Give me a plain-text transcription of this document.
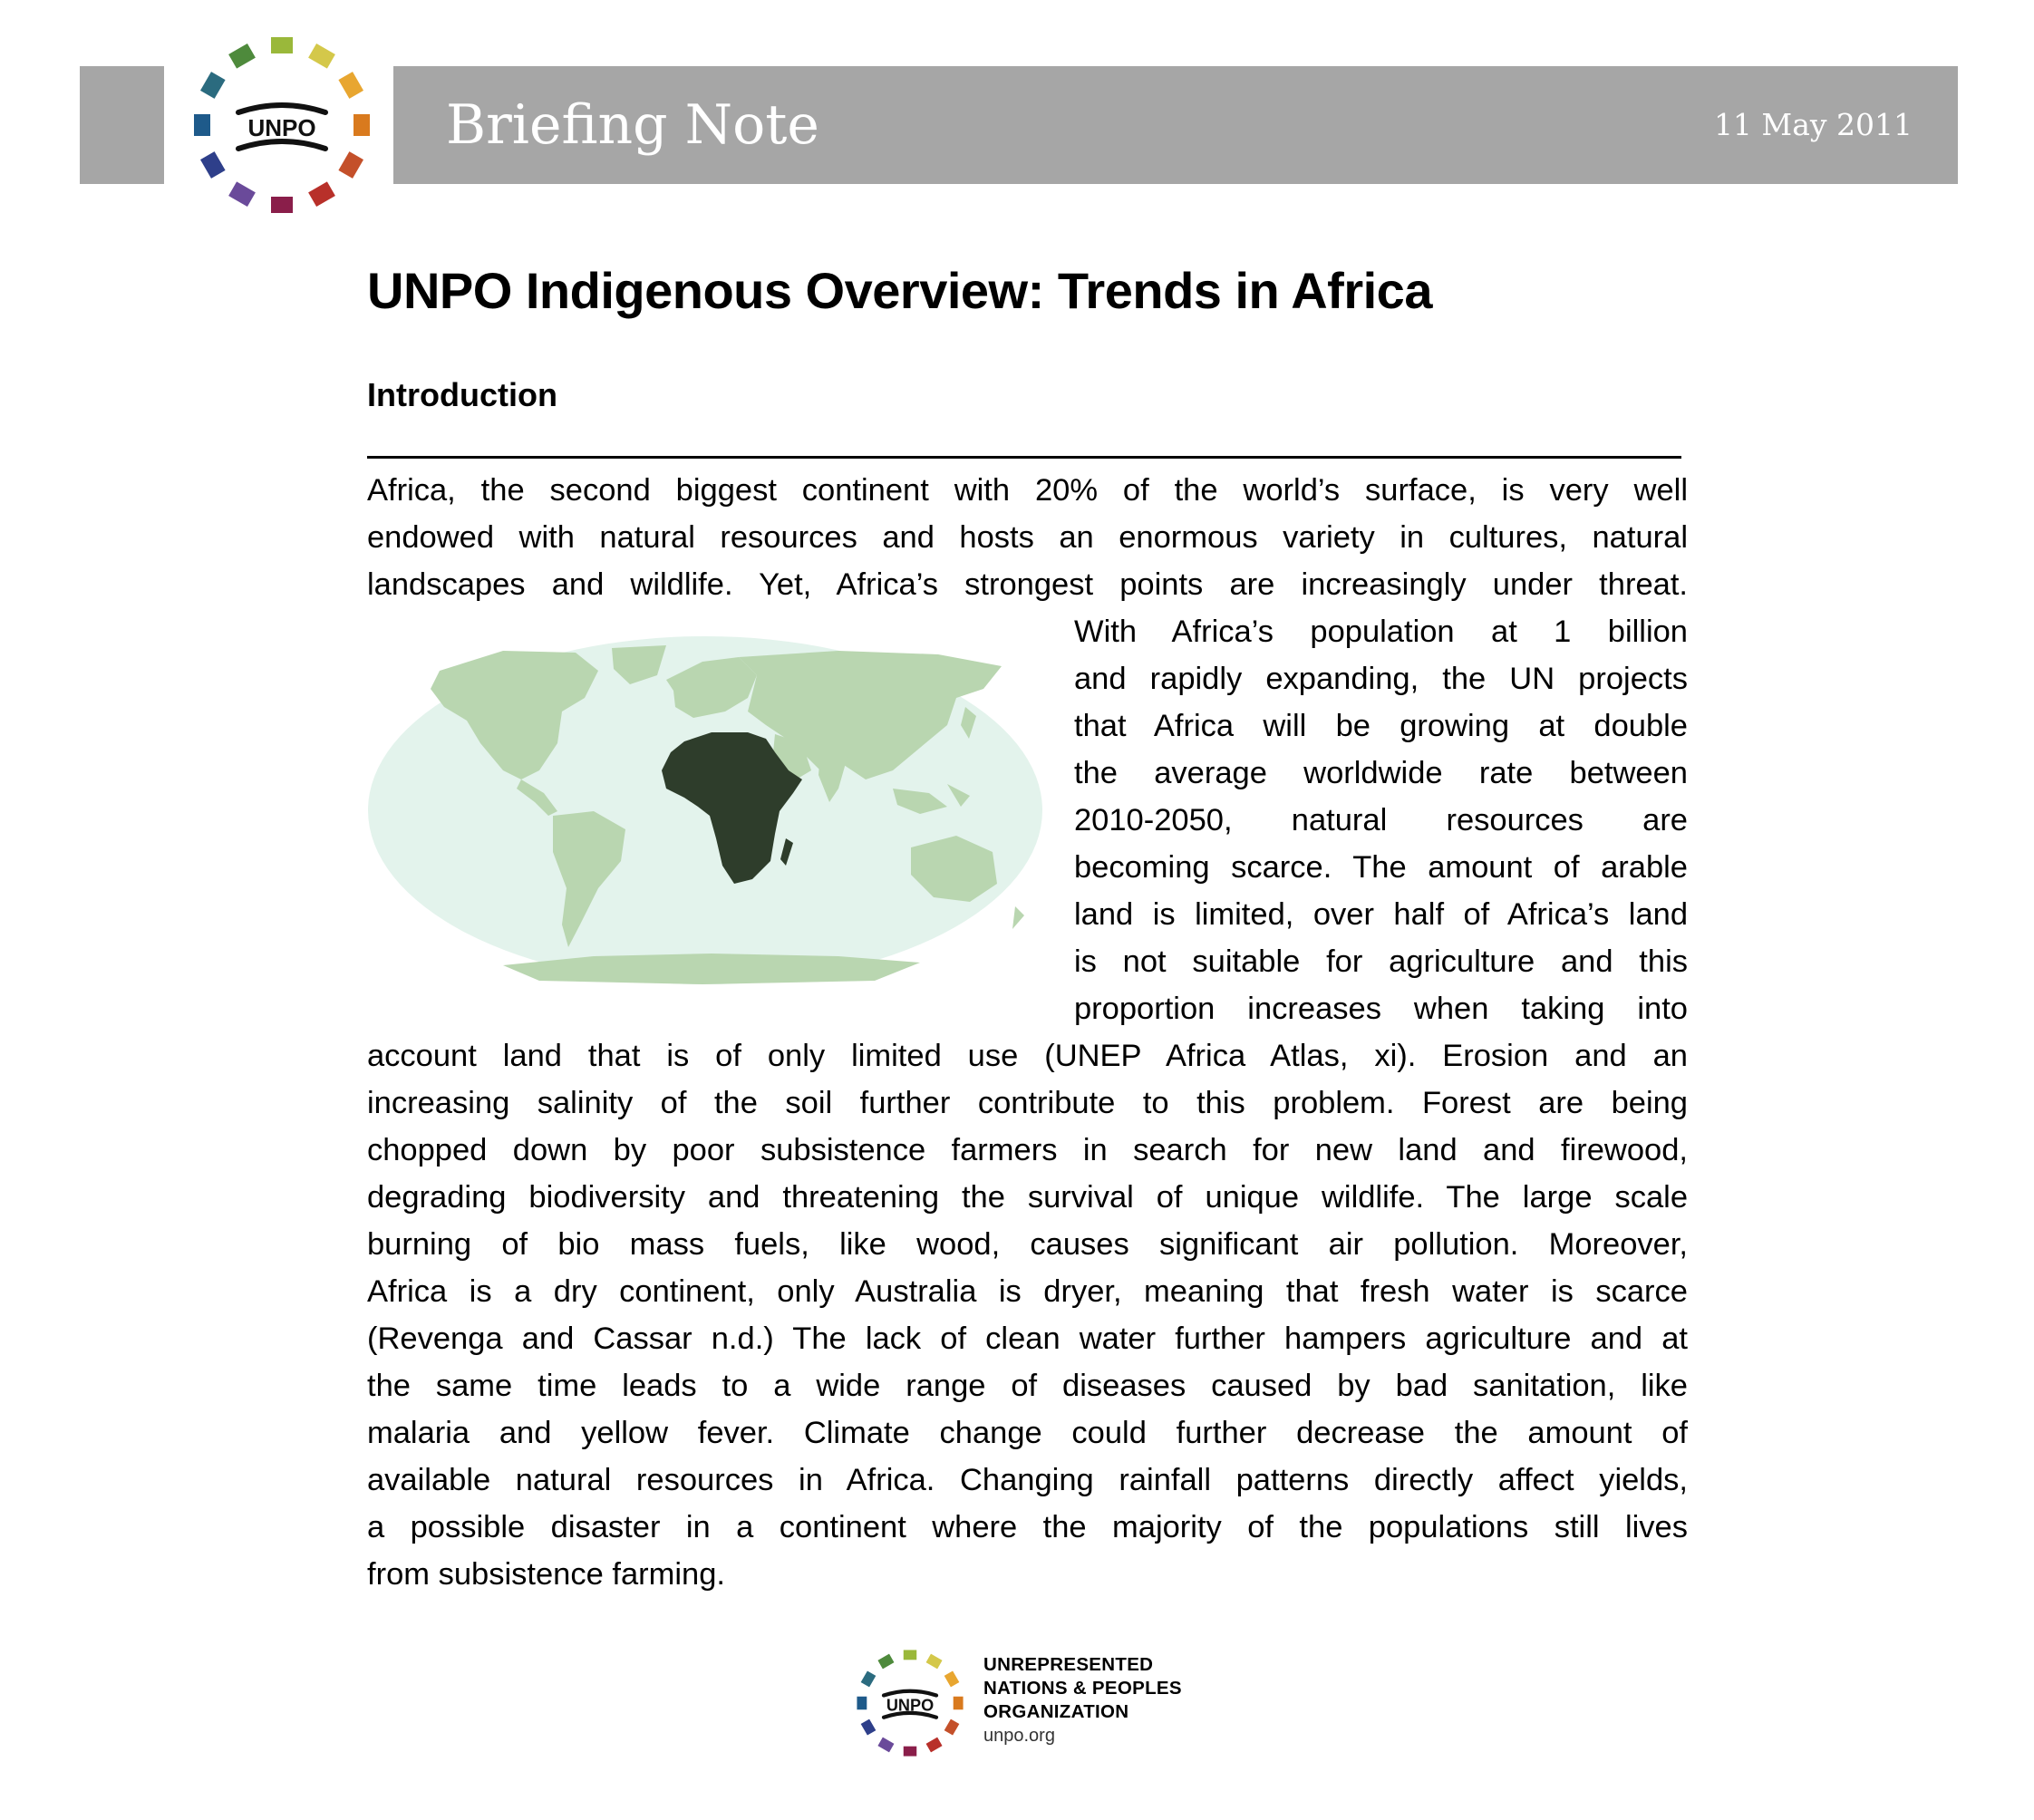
Briefing Note	11 May 2011
UNPO
UNPO Indigenous Overview: Trends in Africa
Introduction
Africa, the second biggest continent with 20% of the world’s surface, is very well
endowed with natural resources and hosts an enormous variety in cultures, natural
landscapes and wildlife. Yet, Africa’s strongest points are increasingly under threat.
With Africa’s population at 1 billion
and rapidly expanding, the UN projects
that Africa will be growing at double
the average worldwide rate between
2010-2050, natural resources are
becoming scarce. The amount of arable
land is limited, over half of Africa’s land
is not suitable for agriculture and this
proportion increases when taking into
account land that is of only limited use (UNEP Africa Atlas, xi). Erosion and an
increasing salinity of the soil further contribute to this problem. Forest are being
chopped down by poor subsistence farmers in search for new land and firewood,
degrading biodiversity and threatening the survival of unique wildlife. The large scale
burning of bio mass fuels, like wood, causes significant air pollution. Moreover,
Africa is a dry continent, only Australia is dryer, meaning that fresh water is scarce
(Revenga and Cassar n.d.) The lack of clean water further hampers agriculture and at
the same time leads to a wide range of diseases caused by bad sanitation, like
malaria and yellow fever. Climate change could further decrease the amount of
available natural resources in Africa. Changing rainfall patterns directly affect yields,
a possible disaster in a continent where the majority of the populations still lives
from subsistence farming.
UNPO
UNREPRESENTED
NATIONS & PEOPLES
ORGANIZATION
unpo.org
